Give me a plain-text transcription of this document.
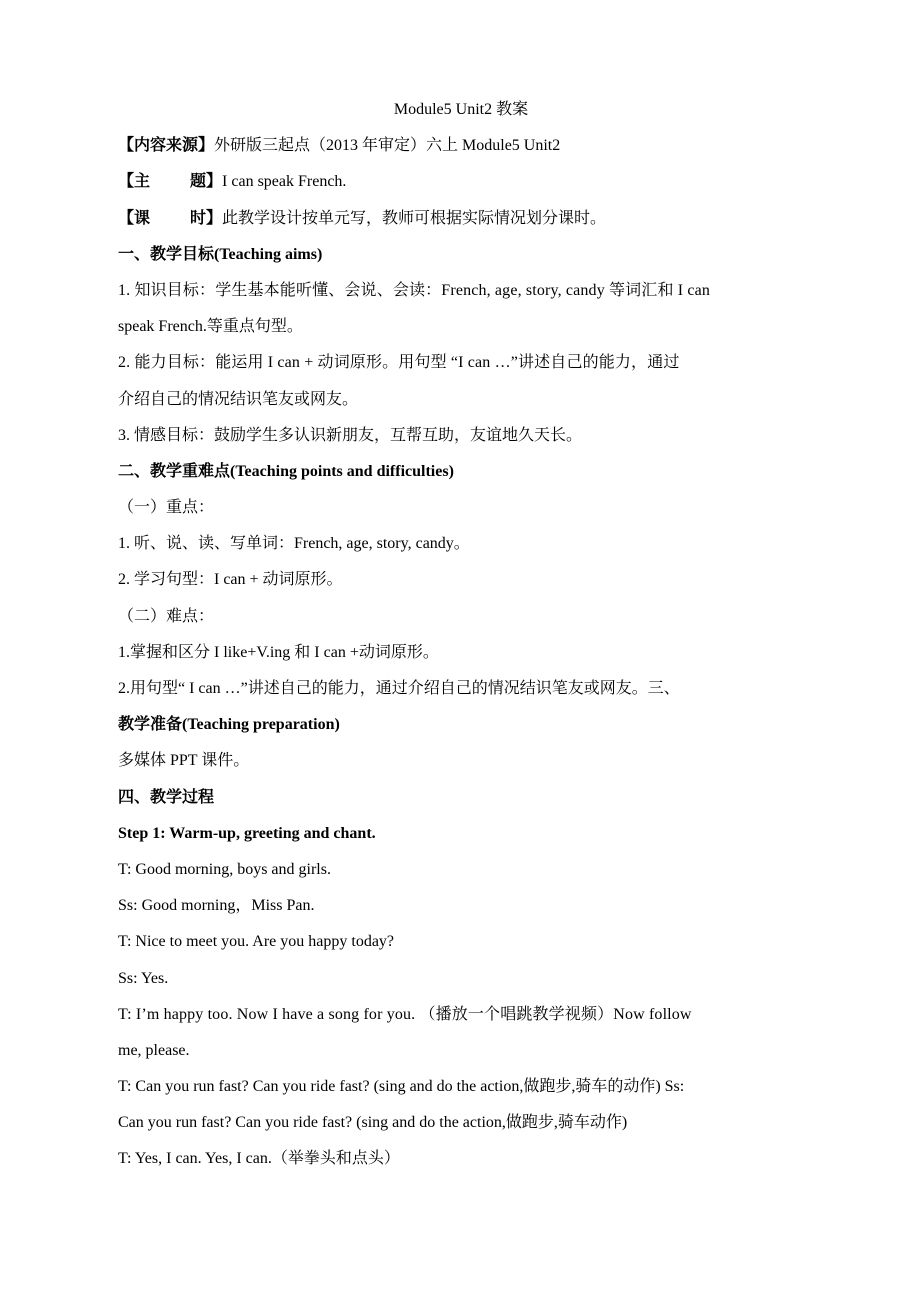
Module5 Unit2 教案
【内容来源】外研版三起点（2013 年审定）六上 Module5 Unit2
【主	题】I can speak French.
【课	时】此教学设计按单元写，教师可根据实际情况划分课时。
一、教学目标(Teaching aims)
1. 知识目标：学生基本能听懂、会说、会读：French, age, story, candy 等词汇和 I can
speak French.等重点句型。
2. 能力目标：能运用 I can + 动词原形。用句型 “I can …”讲述自己的能力，通过
介绍自己的情况结识笔友或网友。
3. 情感目标：鼓励学生多认识新朋友，互帮互助，友谊地久天长。
二、教学重难点(Teaching points and difficulties)
（一）重点：
1. 听、说、读、写单词：French, age, story, candy。
2. 学习句型：I can + 动词原形。
（二）难点：
1.掌握和区分 I like+V.ing 和 I can +动词原形。
2.用句型“ I can …”讲述自己的能力，通过介绍自己的情况结识笔友或网友。三、
教学准备(Teaching preparation)
多媒体 PPT 课件。
四、教学过程
Step 1: Warm-up, greeting and chant.
T: Good morning, boys and girls.
Ss: Good morning，Miss Pan.
T: Nice to meet you. Are you happy today?
Ss: Yes.
T: I’m happy too. Now I have a song for you. （播放一个唱跳教学视频）Now follow
me, please.
T: Can you run fast? Can you ride fast? (sing and do the action,做跑步,骑车的动作) Ss:
Can you run fast? Can you ride fast? (sing and do the action,做跑步,骑车动作)
T: Yes, I can. Yes, I can.（举拳头和点头）
